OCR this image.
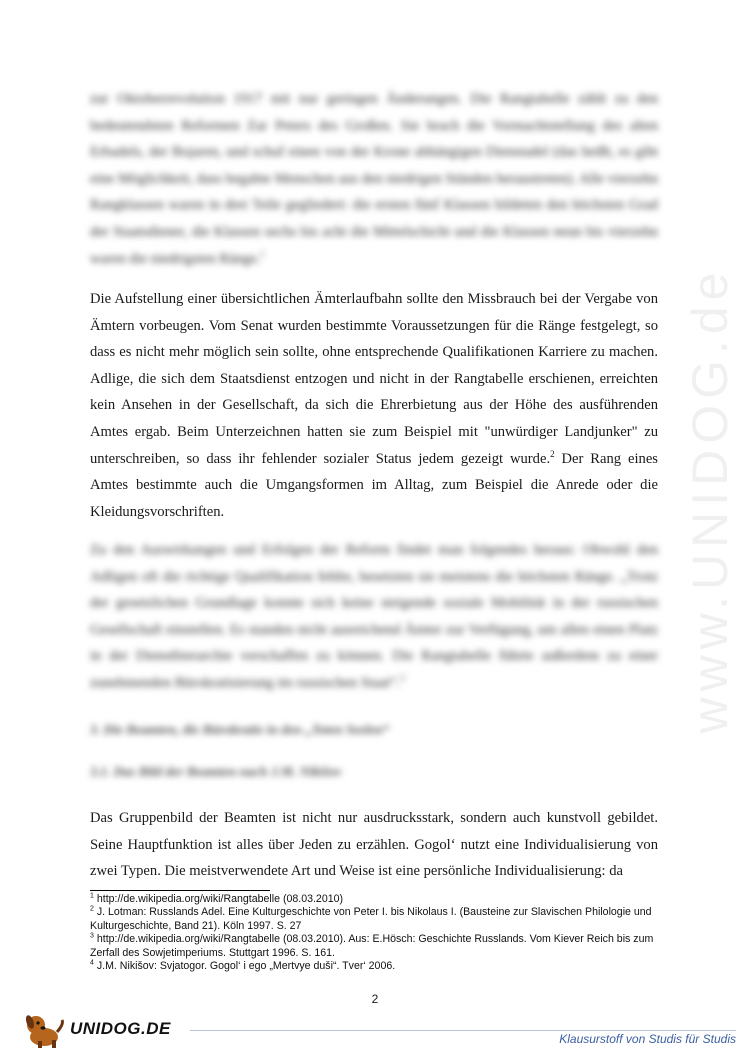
www.UNIDOG.de
zur Oktoberrevolution 1917 mit nur geringen Änderungen. Die Rangtabelle zählt zu den bedeutendsten Reformen Zar Peters des Großen. Sie brach die Vormachtstellung des alten Erbadels, der Bojaren, und schuf einen von der Krone abhängigen Dienstadel (das heißt, es gibt eine Möglichkeit, dass begabte Menschen aus den niedrigen Ständen heraustreten). Alle vierzehn Rangklassen waren in drei Teile gegliedert: die ersten fünf Klassen bildeten den höchsten Grad der Staatsdiener, die Klassen sechs bis acht die Mittelschicht und die Klassen neun bis vierzehn waren die niedrigsten Ränge.$^1$
Die Aufstellung einer übersichtlichen Ämterlaufbahn sollte den Missbrauch bei der Vergabe von Ämtern vorbeugen. Vom Senat wurden bestimmte Voraussetzungen für die Ränge festgelegt, so dass es nicht mehr möglich sein sollte, ohne entsprechende Qualifikationen Karriere zu machen. Adlige, die sich dem Staatsdienst entzogen und nicht in der Rangtabelle erschienen, erreichten kein Ansehen in der Gesellschaft, da sich die Ehrerbietung aus der Höhe des ausführenden Amtes ergab. Beim Unterzeichnen hatten sie zum Beispiel mit "unwürdiger Landjunker" zu unterschreiben, so dass ihr fehlender sozialer Status jedem gezeigt wurde.$^2$ Der Rang eines Amtes bestimmte auch die Umgangsformen im Alltag, zum Beispiel die Anrede oder die Kleidungsvorschriften.
Zu den Auswirkungen und Erfolgen der Reform findet man folgendes heraus: Obwohl den Adligen oft die richtige Qualifikation fehlte, besetzten sie meistens die höchsten Ränge. „Trotz der gesetzlichen Grundlage konnte sich keine steigende soziale Mobilität in der russischen Gesellschaft einstellen. Es standen nicht ausreichend Ämter zur Verfügung, um allen einen Platz in der Dienstbierarchie verschaffen zu können. Die Rangtabelle führte außerdem zu einer zunehmenden Bürokratisierung im russischen Staat“.$^3$
3. Die Beamten, die Bürokratie in den „Toten Seelen“
3.1. Das Bild der Beamten nach J.M. Nikišov
Das Gruppenbild der Beamten ist nicht nur ausdrucksstark, sondern auch kunstvoll gebildet. Seine Hauptfunktion ist alles über Jeden zu erzählen. Gogol‘ nutzt eine Individualisierung von zwei Typen. Die meistverwendete Art und Weise ist eine persönliche Individualisierung: da

$^1$ http://de.wikipedia.org/wiki/Rangtabelle (08.03.2010)

$^2$ J. Lotman: Russlands Adel. Eine Kulturgeschichte von Peter I. bis Nikolaus I. (Bausteine zur Slavischen Philologie und Kulturgeschichte, Band 21). Köln 1997. S. 27

$^3$ http://de.wikipedia.org/wiki/Rangtabelle (08.03.2010). Aus: E.Hösch: Geschichte Russlands. Vom Kiever Reich bis zum Zerfall des Sowjetimperiums. Stuttgart 1996. S. 161.

$^4$ J.M. Nikišov: Svjatogor. Gogol‘ i ego „Mertvye duši“. Tver‘ 2006.

2
UNIDOG.DE
Klausurstoff von Studis für Studis
